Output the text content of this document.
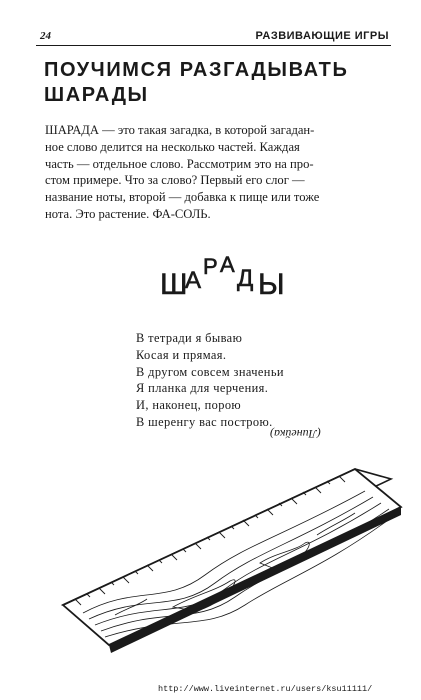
24	РАЗВИВАЮЩИЕ ИГРЫ
ПОУЧИМСЯ РАЗГАДЫВАТЬ
ШАРАДЫ

ШАРАДА — это такая загадка, в которой загадан-
ное слово делится на несколько частей. Каждая
часть — отдельное слово. Рассмотрим это на про-
стом примере. Что за слово? Первый его слог —
название ноты, второй — добавка к пище или тоже
нота. Это растение. ФА-СОЛЬ.

Ш
А
Р А
Д Ы
В тетради я бываю
Косая и прямая.
В другом совсем значеньи
Я планка для черчения.
И, наконец, порою
В шеренгу вас построю.
(Линейка)
http://www.liveinternet.ru/users/ksu11111/
